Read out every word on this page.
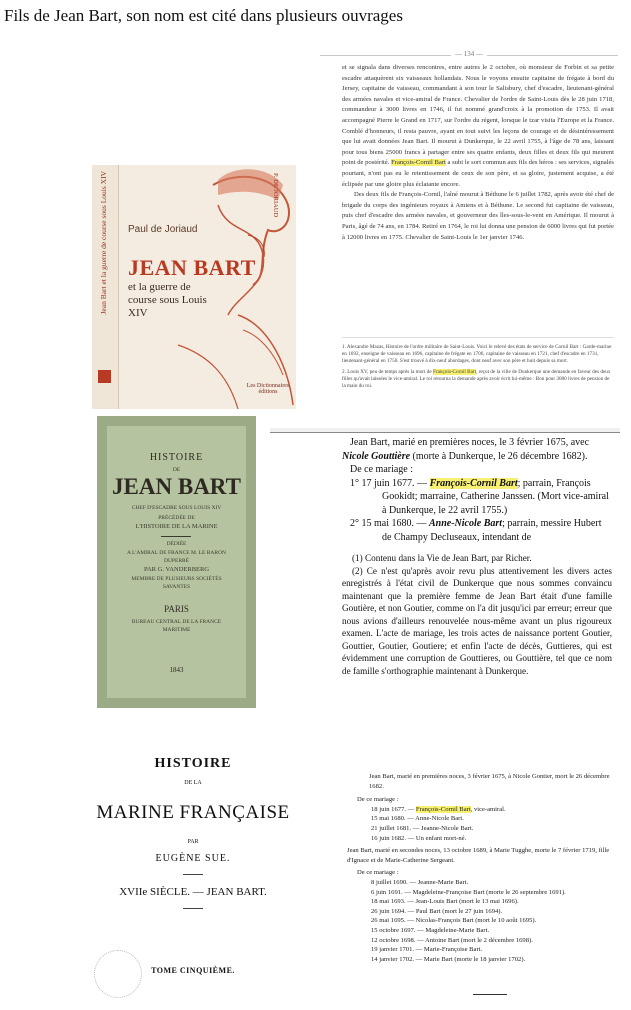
Fils de Jean Bart, son nom est cité dans plusieurs ouvrages
Jean Bart et la guerre de course sous Louis XIV	P. DE JORIAUD
Paul de Joriaud
JEAN BART
et la guerre de course sous Louis XIV
Les Dictionnaires éditions
HISTOIRE
DE
JEAN BART
CHEF D'ESCADRE SOUS LOUIS XIV
PRÉCÉDÉE DE
L'HISTOIRE DE LA MARINE
DÉDIÉE
A L'AMIRAL DE FRANCE M. LE BARON DUPERRÉ
PAR G. VANDERBERG
MEMBRE DE PLUSIEURS SOCIÉTÉS SAVANTES
PARIS
BUREAU CENTRAL DE LA FRANCE MARITIME
1843
— 134 —
et se signala dans diverses rencontres, entre autres le 2 octobre, où monsieur de Forbin et sa petite escadre attaquèrent six vaisseaux hollandais. Nous le voyons ensuite capitaine de frégate à bord du Jersey, capitaine de vaisseau, commandant à son tour le Salisbury, chef d'escadre, lieutenant-général des armées navales et vice-amiral de France. Chevalier de l'ordre de Saint-Louis dès le 28 juin 1718, commandeur à 3000 livres en 1746, il fut nommé grand'croix à la promotion de 1753. Il avait accompagné Pierre le Grand en 1717, sur l'ordre du régent, lorsque le tzar visita l'Europe et la France. Comblé d'honneurs, il resta pauvre, ayant en tout suivi les leçons de courage et de désintéressement que lui avait données Jean Bart. Il mourut à Dunkerque, le 22 avril 1755, à l'âge de 78 ans, laissant pour tous biens 25000 francs à partager entre ses quatre enfants, deux filles et deux fils qui meurent point de postérité. François-Cornil Bart a subi le sort commun aux fils des héros : ses services, signalés pourtant, n'ont pas eu le retentissement de ceux de son père, et sa gloire, justement acquise, a été éclipsée par une gloire plus éclatante encore.
Des deux fils de François-Cornil, l'aîné mourut à Béthune le 6 juillet 1782, après avoir été chef de brigade du corps des ingénieurs royaux à Amiens et à Béthune. Le second fut capitaine de vaisseau, puis chef d'escadre des armées navales, et gouverneur des îles-sous-le-vent en Amérique. Il mourut à Paris, âgé de 74 ans, en 1784. Retiré en 1764, le roi lui donna une pension de 6000 livres qui fut portée à 12000 livres en 1775. Chevalier de Saint-Louis le 1er janvier 1746.
1. Alexandre Mazas, Histoire de l'ordre militaire de Saint-Louis. Voici le relevé des états de service de Cornil Bart : Garde-marine en 1692, enseigne de vaisseau en 1696, capitaine de frégate en 1706, capitaine de vaisseau en 1721, chef d'escadre en 1731, lieutenant-général en 1750. S'est trouvé à dix-neuf abordages, dont neuf avec son père et huit depuis sa mort.
2. Louis XV, peu de temps après la mort de François-Cornil Bart, reçut de la ville de Dunkerque une demande en faveur des deux filles qu'avait laissées le vice-amiral. Le roi retourna la demande après avoir écrit lui-même : Bon pour 3000 livres de pension de la main du roi.
Jean Bart, marié en premières noces, le 3 février 1675, avec Nicole Gouttière (morte à Dunkerque, le 26 décembre 1682).
De ce mariage :
1° 17 juin 1677. — François-Cornil Bart; parrain, François Gookidt; marraine, Catherine Janssen. (Mort vice-amiral à Dunkerque, le 22 avril 1755.)
2° 15 mai 1680. — Anne-Nicole Bart; parrain, messire Hubert de Champy Decluseaux, intendant de
(1) Contenu dans la Vie de Jean Bart, par Richer.
(2) Ce n'est qu'après avoir revu plus attentivement les divers actes enregistrés à l'état civil de Dunkerque que nous sommes convaincu maintenant que la première femme de Jean Bart était d'une famille Goutière, et non Goutier, comme on l'a dit jusqu'ici par erreur; erreur que nous avions d'ailleurs renouvelée nous-même avant un plus rigoureux examen. L'acte de mariage, les trois actes de naissance portent Goutier, Gouttier, Goutier, Goutiere; et enfin l'acte de décès, Guttieres, qui est évidemment une corruption de Gouttieres, ou Gouttière, tel que ce nom de famille s'orthographie maintenant à Dunkerque.
HISTOIRE
DE LA
MARINE FRANÇAISE
PAR
EUGÈNE SUE.
XVIIe SIÈCLE. — JEAN BART.
TOME CINQUIÈME.
Jean Bart, marié en premières noces, 3 février 1675, à Nicole Gontier, mort le 26 décembre 1682.
De ce mariage :
18 juin 1677. — François-Cornil Bart, vice-amiral.
15 mai 1680. — Anne-Nicole Bart.
21 juillet 1681. — Jeanne-Nicole Bart.
16 juin 1682. — Un enfant mort-né.
Jean Bart, marié en secondes noces, 13 octobre 1689, à Marie Tugghe, morte le 7 février 1719, fille d'Ignace et de Marie-Catherine Sergeant.
De ce mariage :
8 juillet 1690. — Jeanne-Marie Bart.
6 juin 1691. — Magdeleine-Françoise Bart (morte le 26 septembre 1691).
18 mai 1693. — Jean-Louis Bart (mort le 13 mai 1696).
26 juin 1694. — Paul Bart (mort le 27 juin 1694).
26 mai 1695. — Nicolas-François Bart (mort le 10 août 1695).
15 octobre 1697. — Magdeleine-Marie Bart.
12 octobre 1698. — Antoine Bart (mort le 2 décembre 1698).
19 janvier 1701. — Marie-Françoise Bart.
14 janvier 1702. — Marie Bart (morte le 18 janvier 1702).
